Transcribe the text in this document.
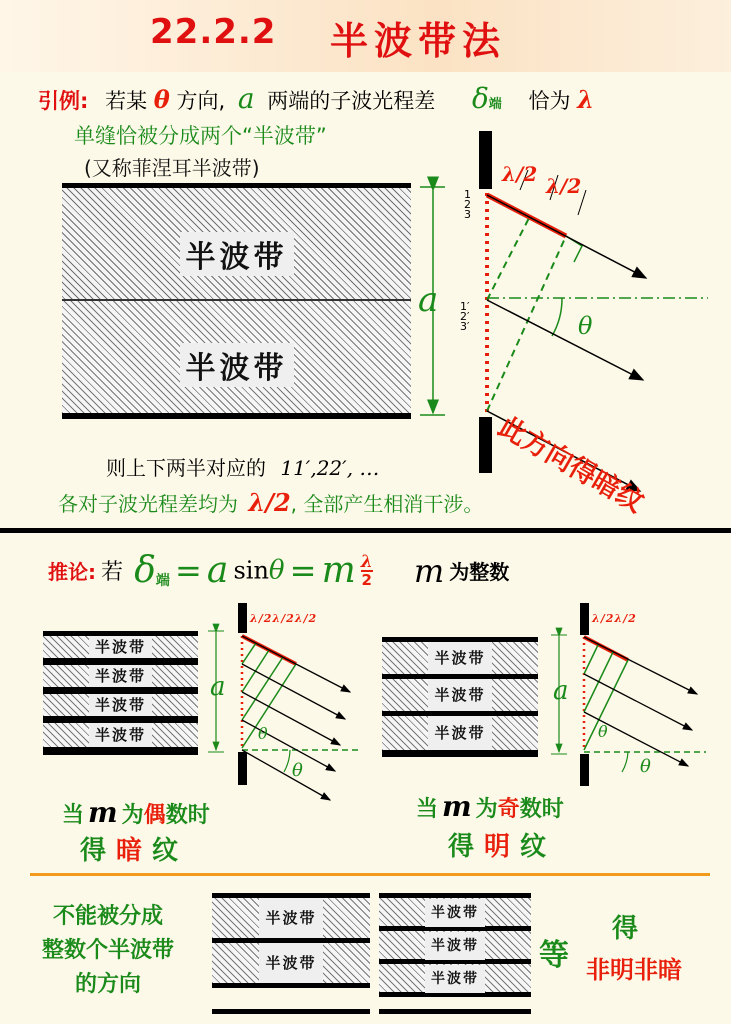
22.2.2 半波带法
引例: 若某 θ 方向, a 两端的子波光程差 δ端 恰为 λ
单缝恰被分成两个“半波带”
(又称菲涅耳半波带)
半波带
半波带
a
θ
λ/2 λ/2
1
2
3
1′
2′
3′
此方向得暗纹
则上下两半对应的 11′,22′, …
各对子波光程差均为 λ/2, 全部产生相消干涉。
推论: 若 δ端 = a sinθ = m $\frac{\lambda}{2}$ m 为整数
半波带
半波带
半波带
半波带
λ/2λ/2λ/2
a
θ
θ
当 m 为偶数时
得暗纹
半波带
半波带
半波带
λ/2λ/2
a
θ
θ
当 m 为奇数时
得明纹
不能被分成
整数个半波带
的方向
半波带
半波带
半波带
半波带
半波带
等
得
非明非暗
